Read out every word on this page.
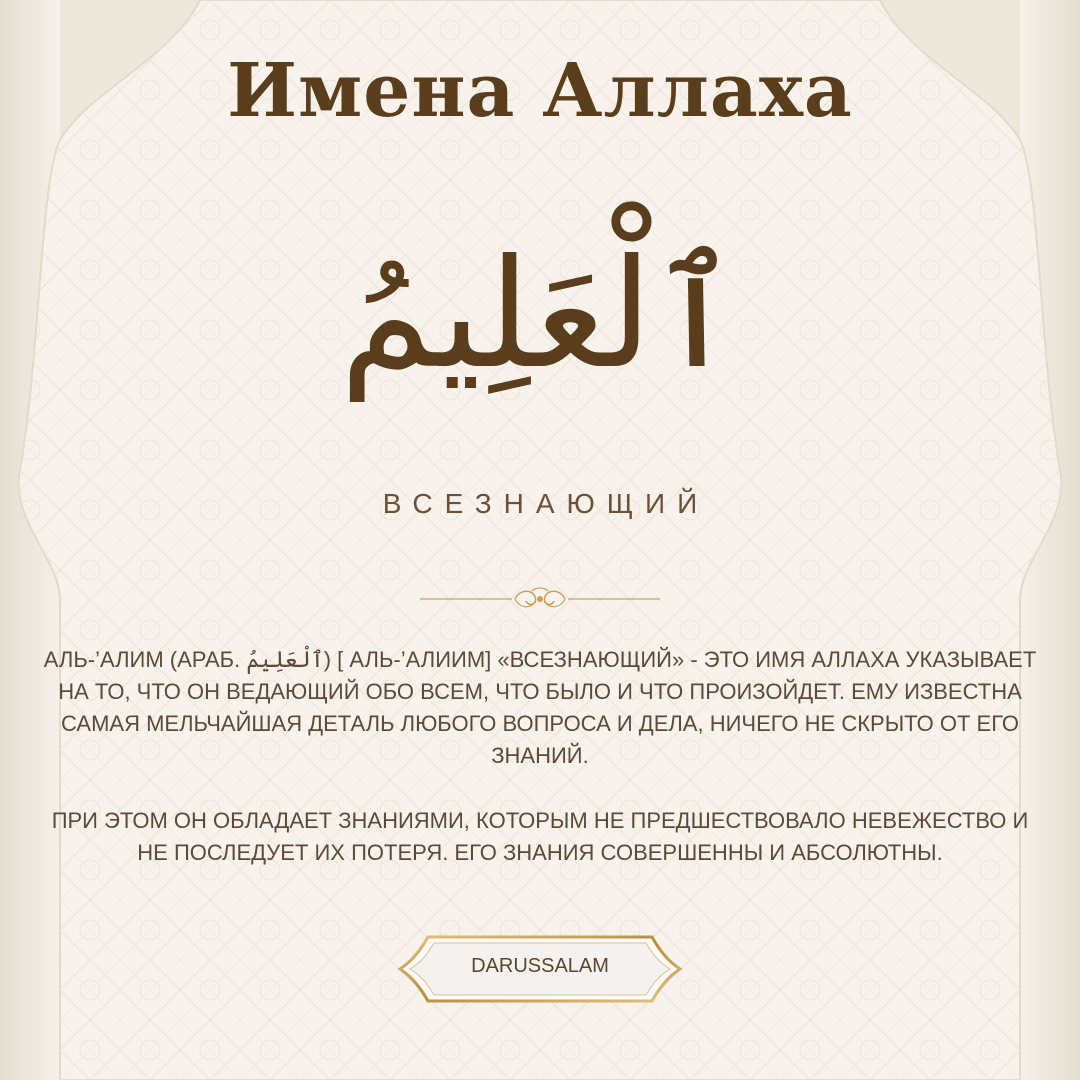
Имена Аллаха
ٱلْعَلِيمُ
ВСЕЗНАЮЩИЙ

АЛЬ-’АЛИМ (АРАБ. ٱلْعَلِيمُ) [ АЛЬ-’АЛИИМ] «ВСЕЗНАЮЩИЙ» - ЭТО ИМЯ АЛЛАХА УКАЗЫВАЕТ НА ТО, ЧТО ОН ВЕДАЮЩИЙ ОБО ВСЕМ, ЧТО БЫЛО И ЧТО ПРОИЗОЙДЕТ. ЕМУ ИЗВЕСТНА САМАЯ МЕЛЬЧАЙШАЯ ДЕТАЛЬ ЛЮБОГО ВОПРОСА И ДЕЛА, НИЧЕГО НЕ СКРЫТО ОТ ЕГО ЗНАНИЙ.

ПРИ ЭТОМ ОН ОБЛАДАЕТ ЗНАНИЯМИ, КОТОРЫМ НЕ ПРЕДШЕСТВОВАЛО НЕВЕЖЕСТВО И НЕ ПОСЛЕДУЕТ ИХ ПОТЕРЯ. ЕГО ЗНАНИЯ СОВЕРШЕННЫ И АБСОЛЮТНЫ.

DARUSSALAM
